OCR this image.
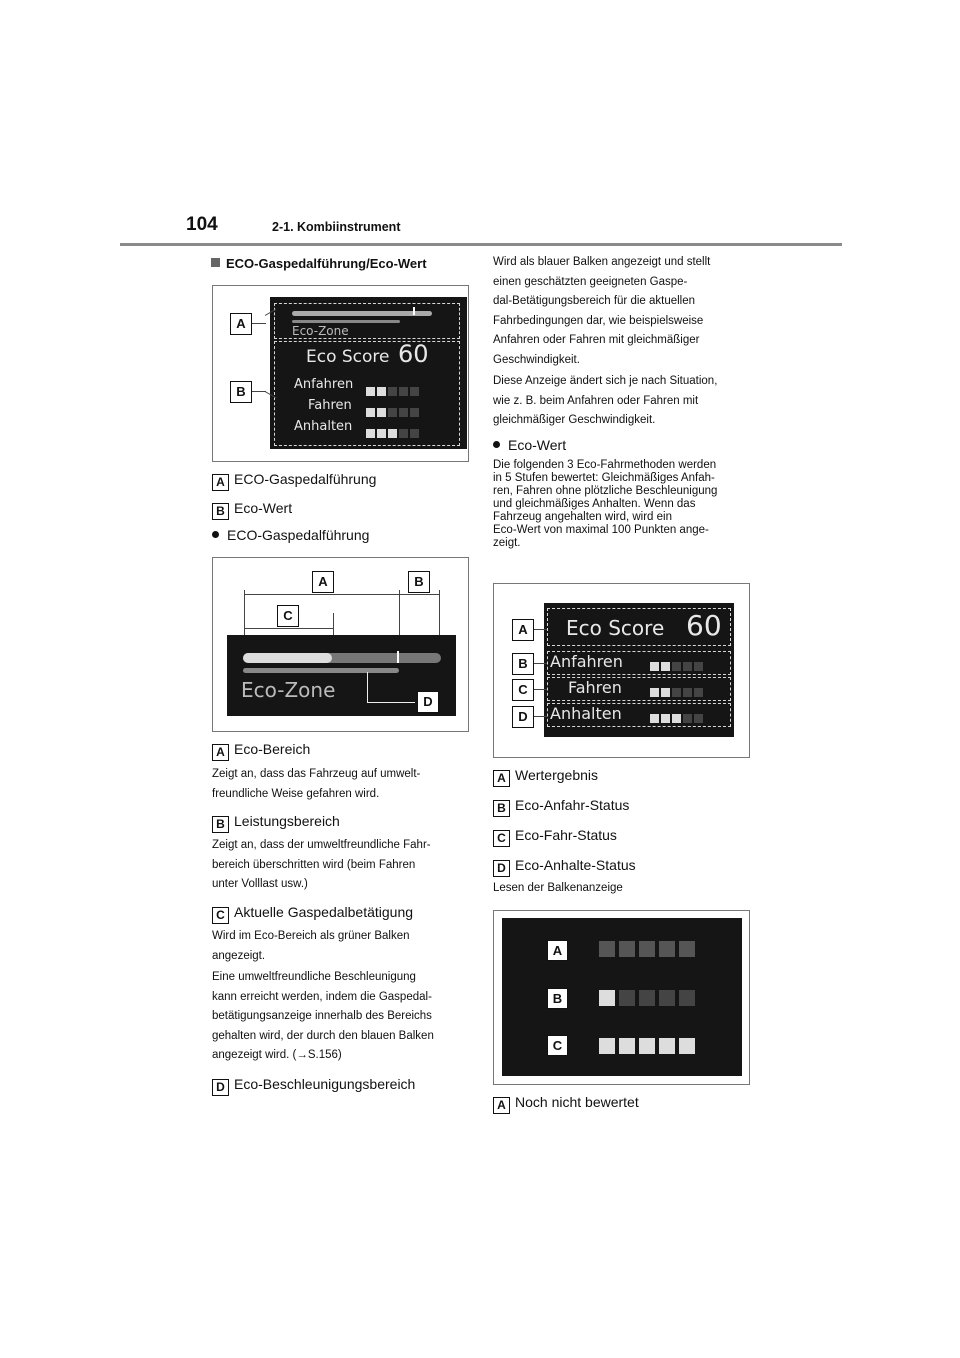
104	2-1. Kombiinstrument
ECO-Gaspedalführung/Eco-Wert
Eco-Zone
Eco Score 60
Anfahren
Fahren
Anhalten
A
B
A ECO-Gaspedalführung
B Eco-Wert
ECO-Gaspedalführung
A	B
C
Eco-Zone	D
A Eco-Bereich
Zeigt an, dass das Fahrzeug auf umwelt-
freundliche Weise gefahren wird.
B Leistungsbereich
Zeigt an, dass der umweltfreundliche Fahr-
bereich überschritten wird (beim Fahren
unter Volllast usw.)
C Aktuelle Gaspedalbetätigung
Wird im Eco-Bereich als grüner Balken
angezeigt.
Eine umweltfreundliche Beschleunigung
kann erreicht werden, indem die Gaspedal-
betätigungsanzeige innerhalb des Bereichs
gehalten wird, der durch den blauen Balken
angezeigt wird. (→S.156)
D Eco-Beschleunigungsbereich
Wird als blauer Balken angezeigt und stellt
einen geschätzten geeigneten Gaspe-
dal-Betätigungsbereich für die aktuellen
Fahrbedingungen dar, wie beispielsweise
Anfahren oder Fahren mit gleichmäßiger
Geschwindigkeit.
Diese Anzeige ändert sich je nach Situation,
wie z. B. beim Anfahren oder Fahren mit
gleichmäßiger Geschwindigkeit.
Eco-Wert
Die folgenden 3 Eco-Fahrmethoden werden
in 5 Stufen bewertet: Gleichmäßiges Anfah-
ren, Fahren ohne plötzliche Beschleunigung
und gleichmäßiges Anhalten. Wenn das
Fahrzeug angehalten wird, wird ein
Eco-Wert von maximal 100 Punkten ange-
zeigt.
Eco Score 60
Anfahren
Fahren
Anhalten
A
B
C
D
A Wertergebnis
B Eco-Anfahr-Status
C Eco-Fahr-Status
D Eco-Anhalte-Status
Lesen der Balkenanzeige
A
B
C
A Noch nicht bewertet
